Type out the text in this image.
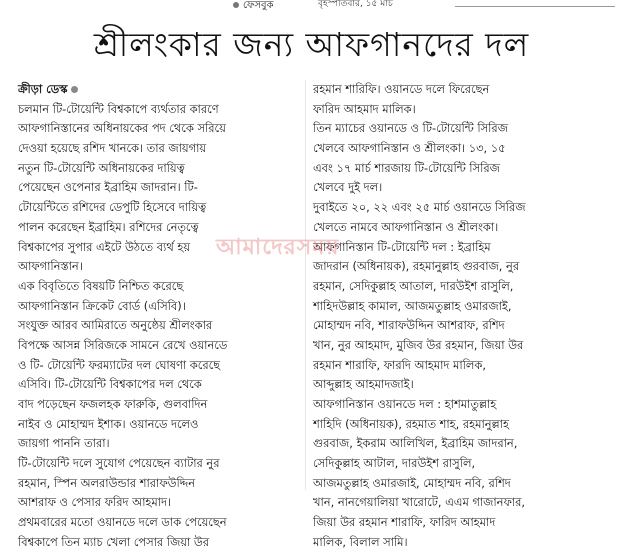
ফেসবুক	বৃহস্পতিবার, ১৫ মার্চ
শ্রীলংকার জন্য আফগানদের দল
ক্রীড়া ডেস্ক
চলমান টি-টোয়েন্টি বিশ্বকাপে ব্যর্থতার কারণে
আফগানিস্তানের অধিনায়কের পদ থেকে সরিয়ে
দেওয়া হয়েছে রশিদ খানকে। তার জায়গায়
নতুন টি-টোয়েন্টি অধিনায়কের দায়িত্ব
পেয়েছেন ওপেনার ইব্রাহিম জাদরান। টি-
টোয়েন্টিতে রশিদের ডেপুটি হিসেবে দায়িত্ব
পালন করেছেন ইব্রাহিম। রশিদের নেতৃত্বে
বিশ্বকাপের সুপার এইটে উঠতে ব্যর্থ হয়
আফগানিস্তান।
এক বিবৃতিতে বিষয়টি নিশ্চিত করেছে
আফগানিস্তান ক্রিকেট বোর্ড (এসিবি)।
সংযুক্ত আরব আমিরাতে অনুষ্ঠেয় শ্রীলংকার
বিপক্ষে আসন্ন সিরিজকে সামনে রেখে ওয়ানডে
ও টি- টোয়েন্টি ফরম্যাটের দল ঘোষণা করেছে
এসিবি। টি-টোয়েন্টি বিশ্বকাপের দল থেকে
বাদ পড়েছেন ফজলহক ফারুকি, গুলবাদিন
নাইব ও মোহাম্মদ ইশাক। ওয়ানডে দলেও
জায়গা পাননি তারা।
টি-টোয়েন্টি দলে সুযোগ পেয়েছেন ব্যাটার নুর
রহমান, স্পিন অলরাউন্ডার শারাফউদ্দিন
আশরাফ ও পেসার ফরিদ আহমাদ।
প্রথমবারের মতো ওয়ানডে দলে ডাক পেয়েছেন
বিশ্বকাপে তিন ম্যাচ খেলা পেসার জিয়া উর
রহমান শারিফি। ওয়ানডে দলে ফিরেছেন
ফারিদ আহমাদ মালিক।
তিন ম্যাচের ওয়ানডে ও টি-টোয়েন্টি সিরিজ
খেলবে আফগানিস্তান ও শ্রীলংকা। ১৩, ১৫
এবং ১৭ মার্চ শারজায় টি-টোয়েন্টি সিরিজ
খেলবে দুই দল।
দুবাইতে ২০, ২২ এবং ২৫ মার্চ ওয়ানডে সিরিজ
খেলতে নামবে আফগানিস্তান ও শ্রীলংকা।
আফগানিস্তান টি-টোয়েন্টি দল : ইব্রাহিম
জাদরান (অধিনায়ক), রহমানুল্লাহ গুরবাজ, নুর
রহমান, সেদিকুল্লাহ আতাল, দারউইশ রাসুলি,
শাহিদউল্লাহ কামাল, আজমতুল্লাহ ওমারজাই,
মোহাম্মদ নবি, শারাফউদ্দিন আশরাফ, রশিদ
খান, নুর আহমাদ, মুজিব উর রহমান, জিয়া উর
রহমান শারাফি, ফারদি আহমাদ মালিক,
আব্দুল্লাহ আহমাদজাই।
আফগানিস্তান ওয়ানডে দল : হাশমাতুল্লাহ
শাহিদি (অধিনায়ক), রহমাত শাহ, রহমানুল্লাহ
গুরবাজ, ইকরাম আলিখিল, ইব্রাহিম জাদরান,
সেদিকুল্লাহ আটাল, দারউইশ রাসুলি,
আজমতুল্লাহ ওমারজাই, মোহাম্মদ নবি, রশিদ
খান, নানগেয়ালিয়া খারোটে, এএম গাজানফার,
জিয়া উর রহমান শারাফি, ফারিদ আহমাদ
মালিক, বিলাল সামি।
আমাদেরসময়
